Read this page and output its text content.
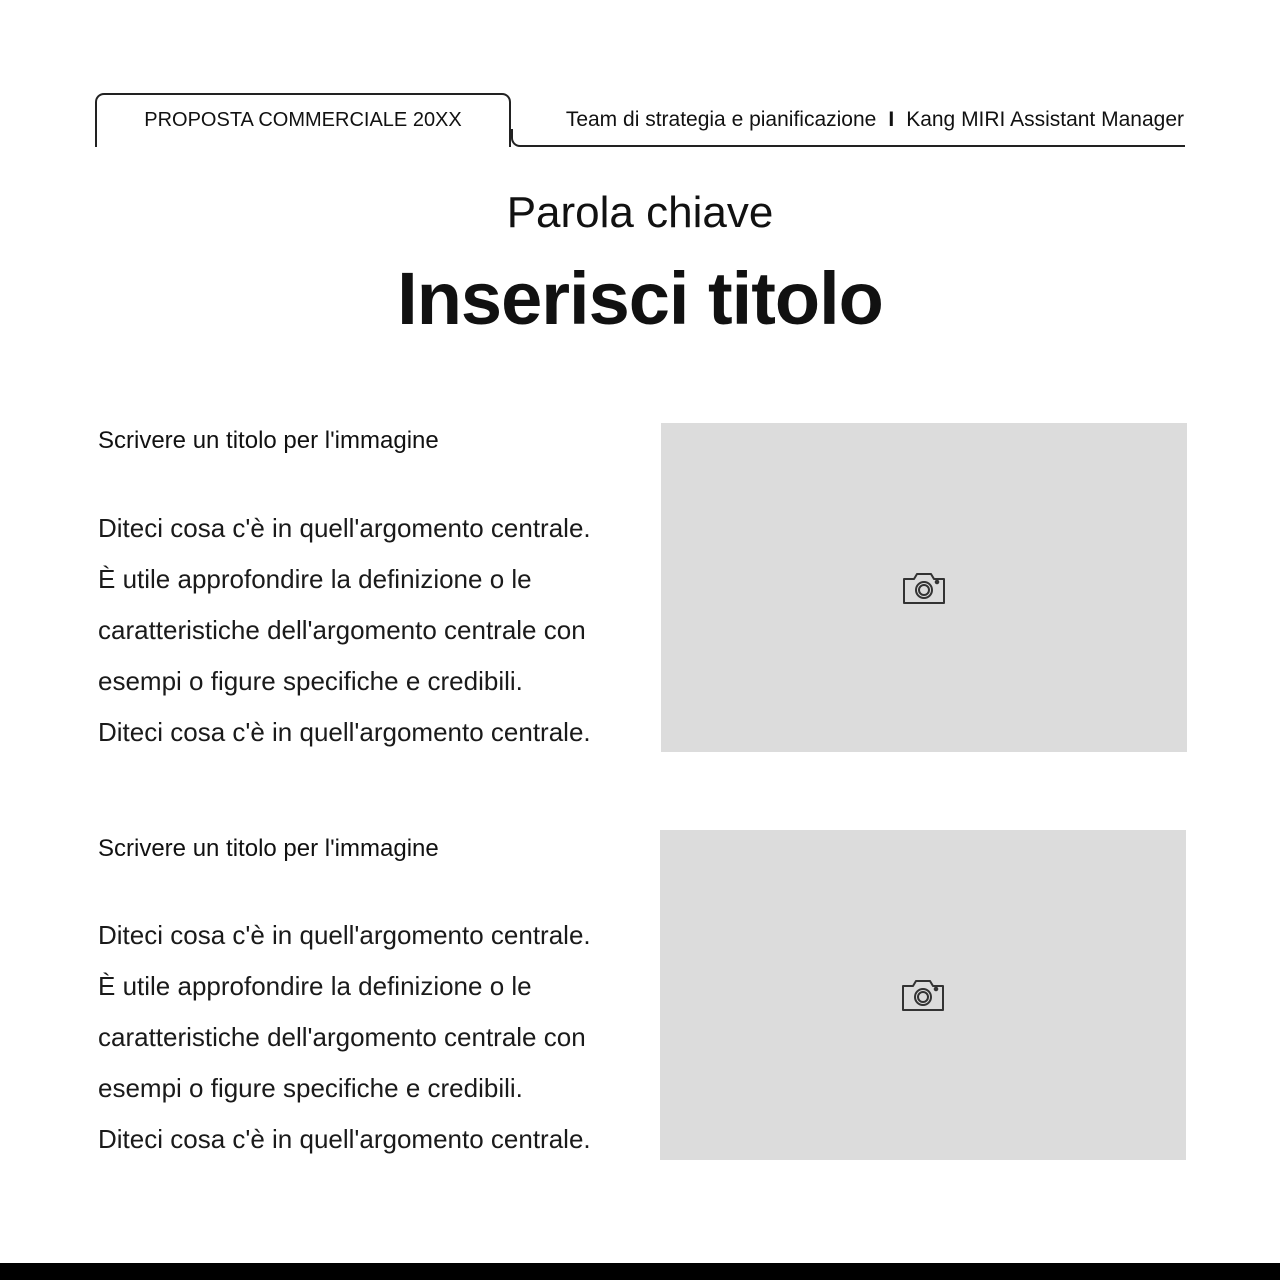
PROPOSTA COMMERCIALE 20XX	Team di strategia e pianificazione I Kang MIRI Assistant Manager
Parola chiave
Inserisci titolo
Scrivere un titolo per l'immagine
Diteci cosa c'è in quell'argomento centrale.
È utile approfondire la definizione o le
caratteristiche dell'argomento centrale con
esempi o figure specifiche e credibili.
Diteci cosa c'è in quell'argomento centrale.
Scrivere un titolo per l'immagine
Diteci cosa c'è in quell'argomento centrale.
È utile approfondire la definizione o le
caratteristiche dell'argomento centrale con
esempi o figure specifiche e credibili.
Diteci cosa c'è in quell'argomento centrale.
